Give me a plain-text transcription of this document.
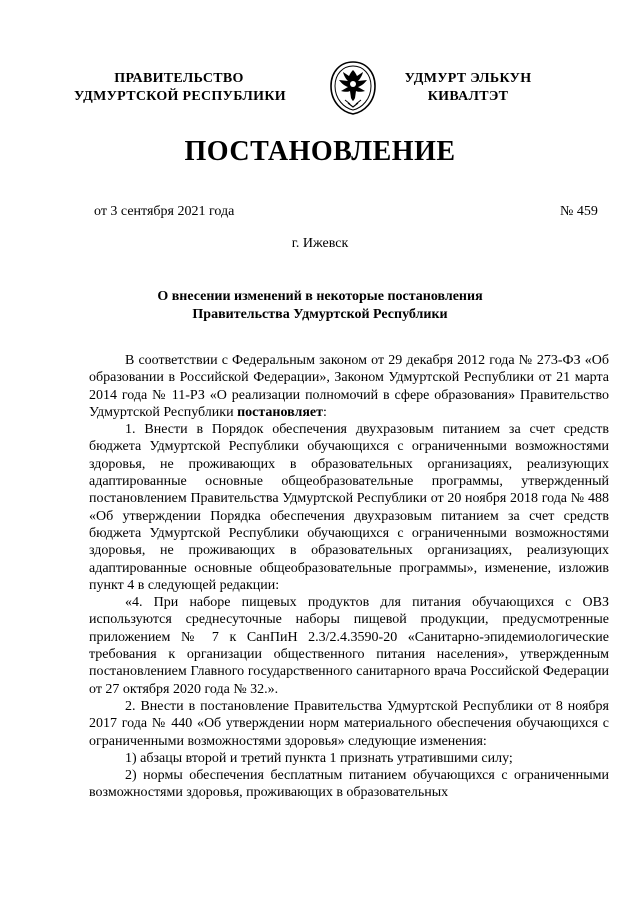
ПРАВИТЕЛЬСТВО
УДМУРТСКОЙ РЕСПУБЛИКИ
УДМУРТ ЭЛЬКУН
КИВАЛТЭТ
ПОСТАНОВЛЕНИЕ
от 3 сентября 2021 года	№ 459
г. Ижевск
О внесении изменений в некоторые постановления
Правительства Удмуртской Республики

В соответствии с Федеральным законом от 29 декабря 2012 года № 273-ФЗ «Об образовании в Российской Федерации», Законом Удмуртской Республики от 21 марта 2014 года № 11-РЗ «О реализации полномочий в сфере образования» Правительство Удмуртской Республики постановляет:

1. Внести в Порядок обеспечения двухразовым питанием за счет средств бюджета Удмуртской Республики обучающихся с ограниченными возможностями здоровья, не проживающих в образовательных организациях, реализующих адаптированные основные общеобразовательные программы, утвержденный постановлением Правительства Удмуртской Республики от 20 ноября 2018 года № 488 «Об утверждении Порядка обеспечения двухразовым питанием за счет средств бюджета Удмуртской Республики обучающихся с ограниченными возможностями здоровья, не проживающих в образовательных организациях, реализующих адаптированные основные общеобразовательные программы», изменение, изложив пункт 4 в следующей редакции:

«4. При наборе пищевых продуктов для питания обучающихся с ОВЗ используются среднесуточные наборы пищевой продукции, предусмотренные приложением № 7 к СанПиН 2.3/2.4.3590-20 «Санитарно-эпидемиологические требования к организации общественного питания населения», утвержденным постановлением Главного государственного санитарного врача Российской Федерации от 27 октября 2020 года № 32.».

2. Внести в постановление Правительства Удмуртской Республики от 8 ноября 2017 года № 440 «Об утверждении норм материального обеспечения обучающихся с ограниченными возможностями здоровья» следующие изменения:

1) абзацы второй и третий пункта 1 признать утратившими силу;

2) нормы обеспечения бесплатным питанием обучающихся с ограниченными возможностями здоровья, проживающих в образовательных
